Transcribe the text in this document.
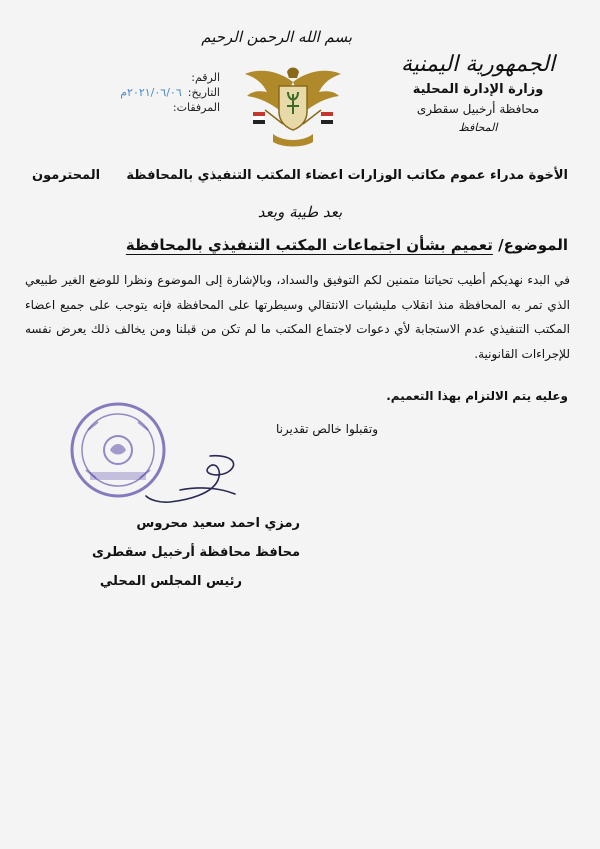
الجمهورية اليمنية
وزارة الإدارة المحلية
محافظة أرخبيل سقطرى
المحافظ
بسم الله الرحمن الرحيم
الرقم:
التاريخ:
٢٠٢١/٠٦/٠٦م
المرفقات:
الأخوة مدراء عموم مكاتب الوزارات اعضاء المكتب التنفيذي بالمحافظة
المحترمون
بعد طيبة وبعد
الموضوع/ تعميم بشأن اجتماعات المكتب التنفيذي بالمحافظة

في البدء نهديكم أطيب تحياتنا متمنين لكم التوفيق والسداد، وبالإشارة إلى الموضوع ونظرا للوضع الغير طبيعي الذي تمر به المحافظة منذ انقلاب مليشيات الانتقالي وسيطرتها على المحافظة فإنه يتوجب على جميع اعضاء المكتب التنفيذي عدم الاستجابة لأي دعوات لاجتماع المكتب ما لم تكن من قبلنا ومن يخالف ذلك يعرض نفسه للإجراءات القانونية.

وعليه يتم الالتزام بهذا التعميم.
وتقبلوا خالص تقديرنا
رمزي احمد سعيد محروس
محافظ محافظة أرخبيل سقطرى
رئيس المجلس المحلي
